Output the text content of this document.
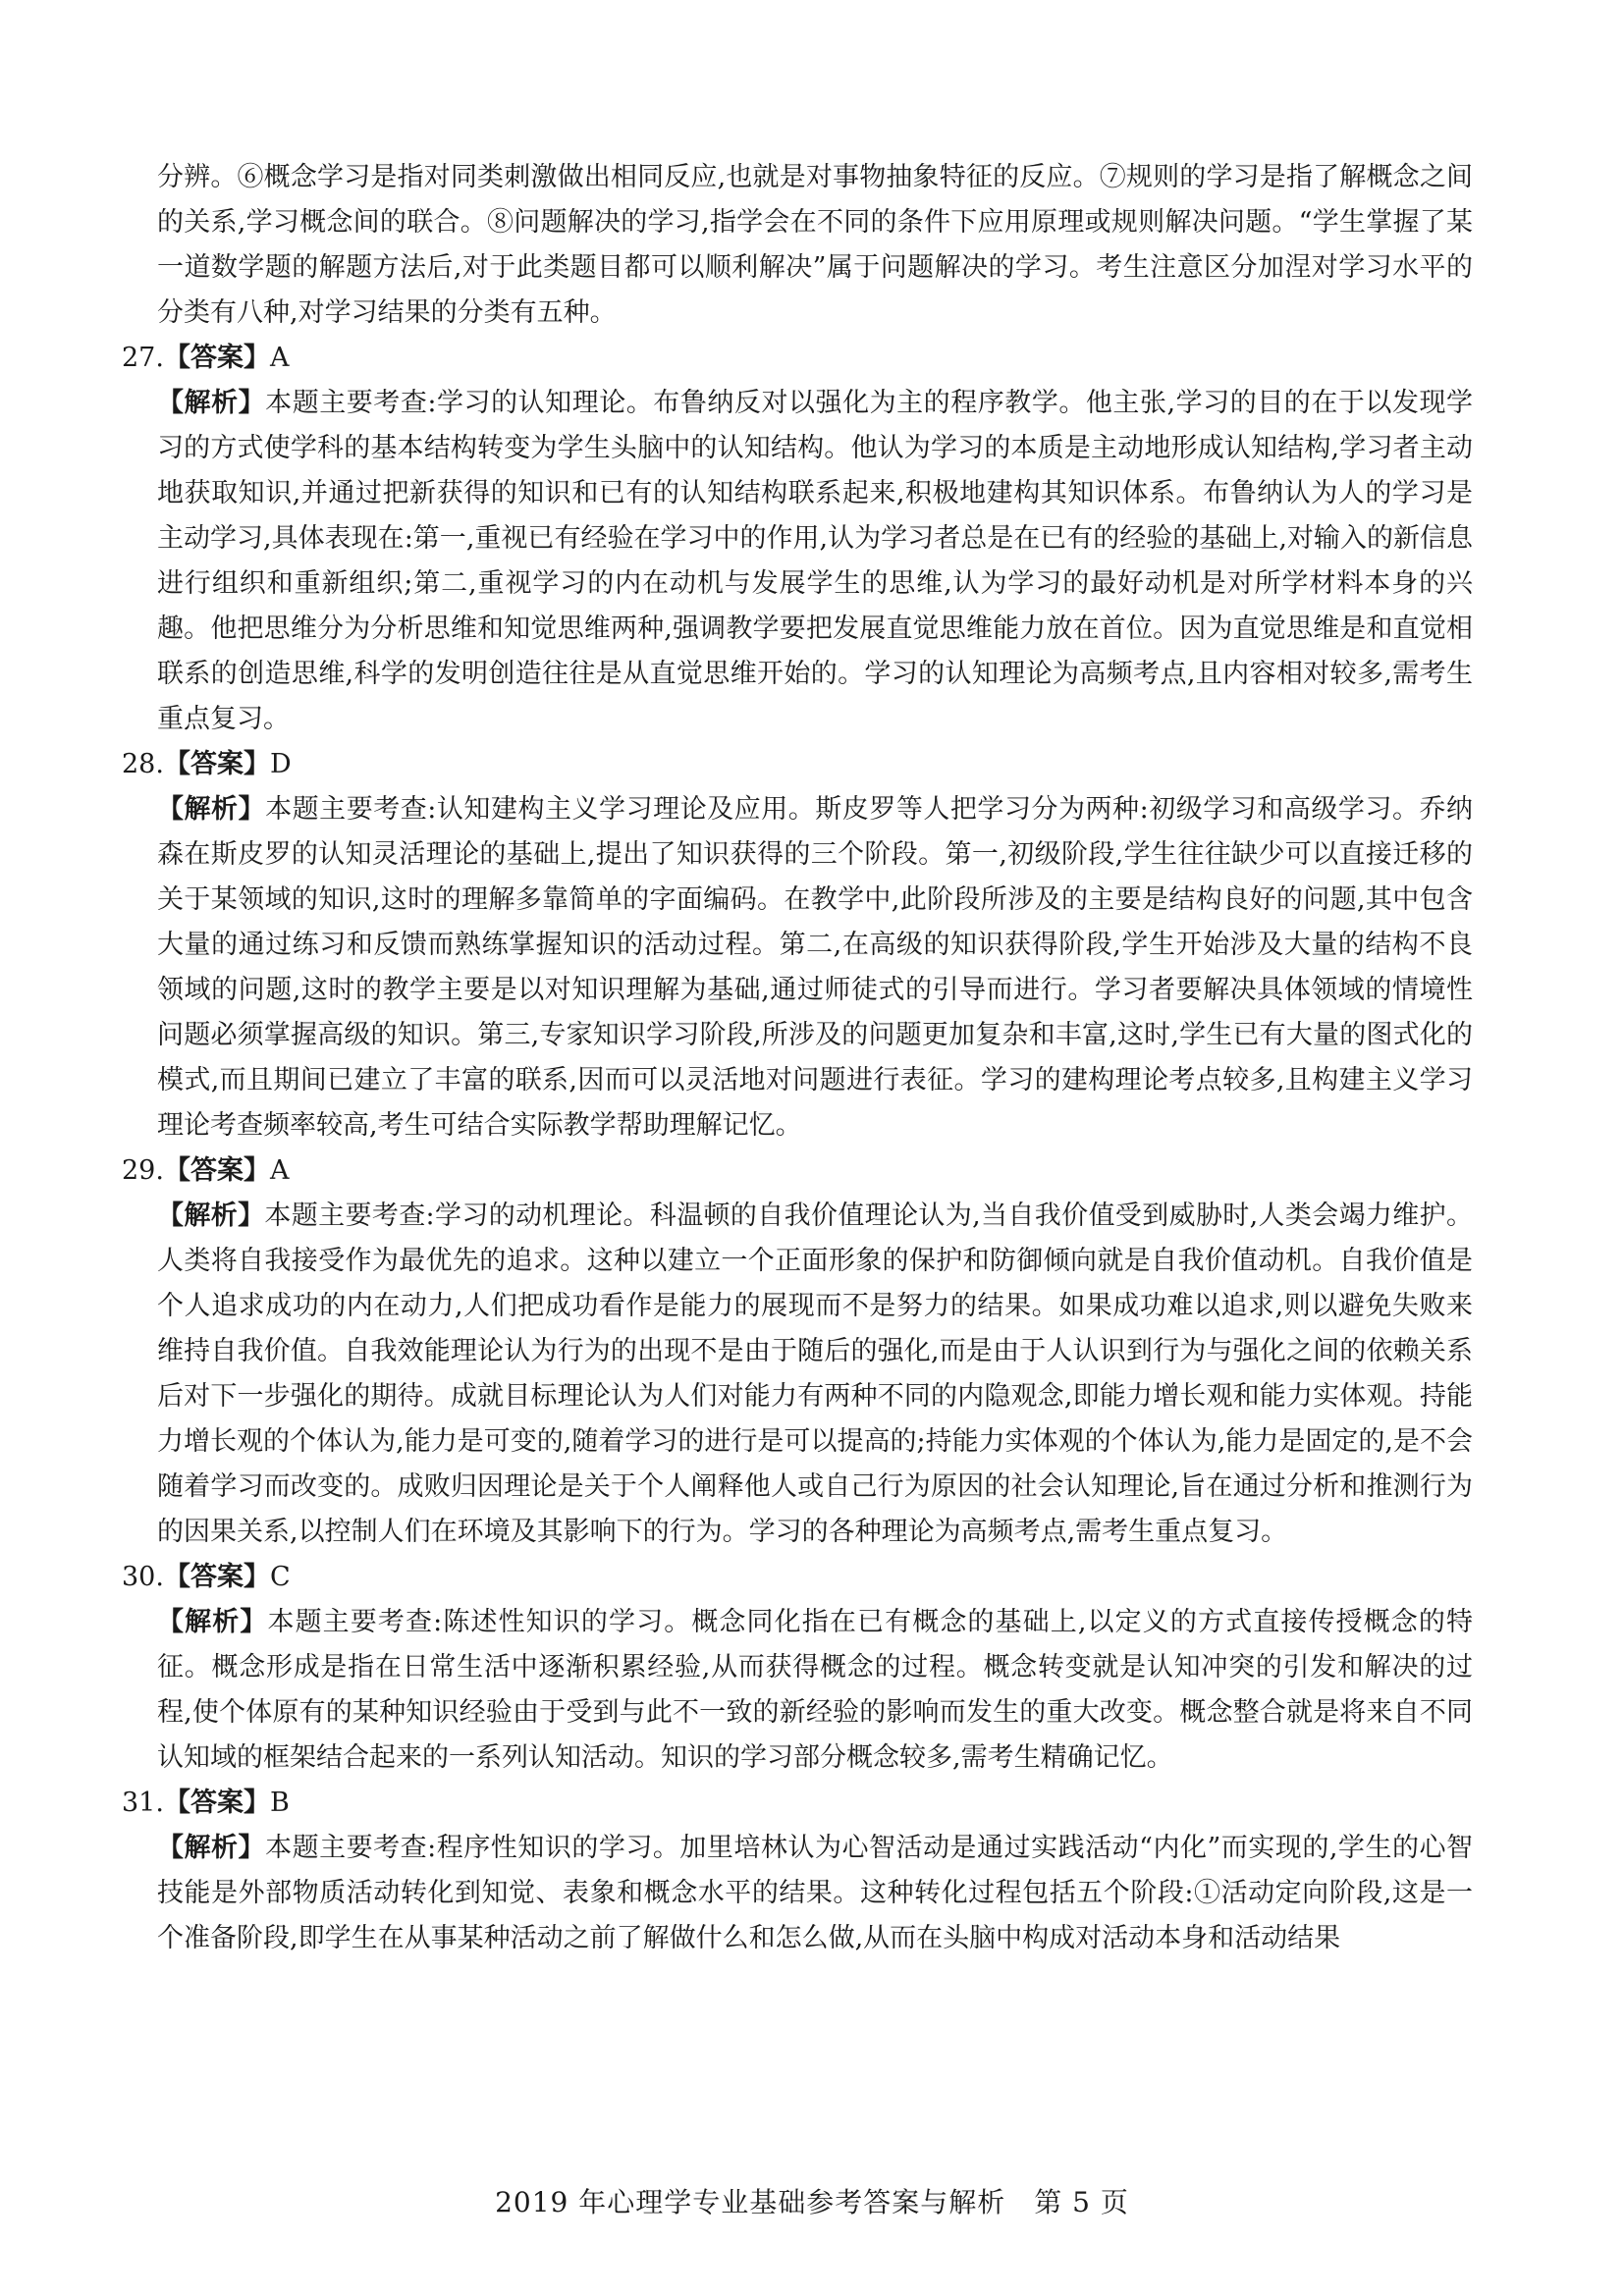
分辨。⑥概念学习是指对同类刺激做出相同反应,也就是对事物抽象特征的反应。⑦规则的学习是指了解概念之间的关系,学习概念间的联合。⑧问题解决的学习,指学会在不同的条件下应用原理或规则解决问题。“学生掌握了某一道数学题的解题方法后,对于此类题目都可以顺利解决”属于问题解决的学习。考生注意区分加涅对学习水平的分类有八种,对学习结果的分类有五种。

27.【答案】A

【解析】本题主要考查:学习的认知理论。布鲁纳反对以强化为主的程序教学。他主张,学习的目的在于以发现学习的方式使学科的基本结构转变为学生头脑中的认知结构。他认为学习的本质是主动地形成认知结构,学习者主动地获取知识,并通过把新获得的知识和已有的认知结构联系起来,积极地建构其知识体系。布鲁纳认为人的学习是主动学习,具体表现在:第一,重视已有经验在学习中的作用,认为学习者总是在已有的经验的基础上,对输入的新信息进行组织和重新组织;第二,重视学习的内在动机与发展学生的思维,认为学习的最好动机是对所学材料本身的兴趣。他把思维分为分析思维和知觉思维两种,强调教学要把发展直觉思维能力放在首位。因为直觉思维是和直觉相联系的创造思维,科学的发明创造往往是从直觉思维开始的。学习的认知理论为高频考点,且内容相对较多,需考生重点复习。

28.【答案】D

【解析】本题主要考查:认知建构主义学习理论及应用。斯皮罗等人把学习分为两种:初级学习和高级学习。乔纳森在斯皮罗的认知灵活理论的基础上,提出了知识获得的三个阶段。第一,初级阶段,学生往往缺少可以直接迁移的关于某领域的知识,这时的理解多靠简单的字面编码。在教学中,此阶段所涉及的主要是结构良好的问题,其中包含大量的通过练习和反馈而熟练掌握知识的活动过程。第二,在高级的知识获得阶段,学生开始涉及大量的结构不良领域的问题,这时的教学主要是以对知识理解为基础,通过师徒式的引导而进行。学习者要解决具体领域的情境性问题必须掌握高级的知识。第三,专家知识学习阶段,所涉及的问题更加复杂和丰富,这时,学生已有大量的图式化的模式,而且期间已建立了丰富的联系,因而可以灵活地对问题进行表征。学习的建构理论考点较多,且构建主义学习理论考查频率较高,考生可结合实际教学帮助理解记忆。

29.【答案】A

【解析】本题主要考查:学习的动机理论。科温顿的自我价值理论认为,当自我价值受到威胁时,人类会竭力维护。人类将自我接受作为最优先的追求。这种以建立一个正面形象的保护和防御倾向就是自我价值动机。自我价值是个人追求成功的内在动力,人们把成功看作是能力的展现而不是努力的结果。如果成功难以追求,则以避免失败来维持自我价值。自我效能理论认为行为的出现不是由于随后的强化,而是由于人认识到行为与强化之间的依赖关系后对下一步强化的期待。成就目标理论认为人们对能力有两种不同的内隐观念,即能力增长观和能力实体观。持能力增长观的个体认为,能力是可变的,随着学习的进行是可以提高的;持能力实体观的个体认为,能力是固定的,是不会随着学习而改变的。成败归因理论是关于个人阐释他人或自己行为原因的社会认知理论,旨在通过分析和推测行为的因果关系,以控制人们在环境及其影响下的行为。学习的各种理论为高频考点,需考生重点复习。

30.【答案】C

【解析】本题主要考查:陈述性知识的学习。概念同化指在已有概念的基础上,以定义的方式直接传授概念的特征。概念形成是指在日常生活中逐渐积累经验,从而获得概念的过程。概念转变就是认知冲突的引发和解决的过程,使个体原有的某种知识经验由于受到与此不一致的新经验的影响而发生的重大改变。概念整合就是将来自不同认知域的框架结合起来的一系列认知活动。知识的学习部分概念较多,需考生精确记忆。

31.【答案】B

【解析】本题主要考查:程序性知识的学习。加里培林认为心智活动是通过实践活动“内化”而实现的,学生的心智技能是外部物质活动转化到知觉、表象和概念水平的结果。这种转化过程包括五个阶段:①活动定向阶段,这是一个准备阶段,即学生在从事某种活动之前了解做什么和怎么做,从而在头脑中构成对活动本身和活动结果

2019 年心理学专业基础参考答案与解析　第 5 页
